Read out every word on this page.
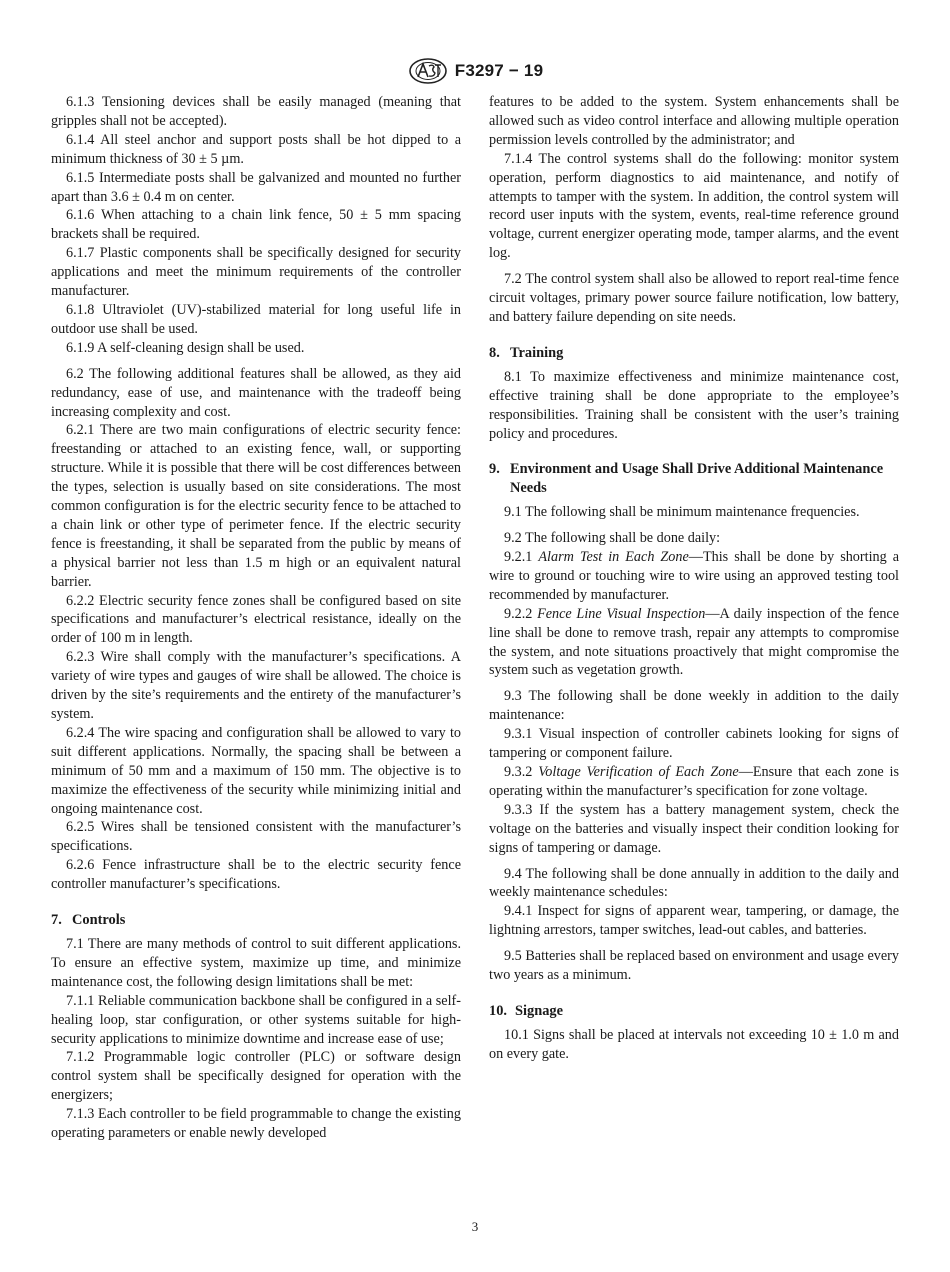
F3297 − 19

6.1.3 Tensioning devices shall be easily managed (meaning that gripples shall not be accepted).

6.1.4 All steel anchor and support posts shall be hot dipped to a minimum thickness of 30 ± 5 µm.

6.1.5 Intermediate posts shall be galvanized and mounted no further apart than 3.6 ± 0.4 m on center.

6.1.6 When attaching to a chain link fence, 50 ± 5 mm spacing brackets shall be required.

6.1.7 Plastic components shall be specifically designed for security applications and meet the minimum requirements of the controller manufacturer.

6.1.8 Ultraviolet (UV)-stabilized material for long useful life in outdoor use shall be used.

6.1.9 A self-cleaning design shall be used.

6.2 The following additional features shall be allowed, as they aid redundancy, ease of use, and maintenance with the tradeoff being increasing complexity and cost.

6.2.1 There are two main configurations of electric security fence: freestanding or attached to an existing fence, wall, or supporting structure. While it is possible that there will be cost differences between the types, selection is usually based on site considerations. The most common configuration is for the electric security fence to be attached to a chain link or other type of perimeter fence. If the electric security fence is freestanding, it shall be separated from the public by means of a physical barrier not less than 1.5 m high or an equivalent natural barrier.

6.2.2 Electric security fence zones shall be configured based on site specifications and manufacturer’s electrical resistance, ideally on the order of 100 m in length.

6.2.3 Wire shall comply with the manufacturer’s specifications. A variety of wire types and gauges of wire shall be allowed. The choice is driven by the site’s requirements and the entirety of the manufacturer’s system.

6.2.4 The wire spacing and configuration shall be allowed to vary to suit different applications. Normally, the spacing shall be between a minimum of 50 mm and a maximum of 150 mm. The objective is to maximize the effectiveness of the security while minimizing initial and ongoing maintenance cost.

6.2.5 Wires shall be tensioned consistent with the manufacturer’s specifications.

6.2.6 Fence infrastructure shall be to the electric security fence controller manufacturer’s specifications.

7. Controls

7.1 There are many methods of control to suit different applications. To ensure an effective system, maximize up time, and minimize maintenance cost, the following design limitations shall be met:

7.1.1 Reliable communication backbone shall be configured in a self-healing loop, star configuration, or other systems suitable for high-security applications to minimize downtime and increase ease of use;

7.1.2 Programmable logic controller (PLC) or software design control system shall be specifically designed for operation with the energizers;

7.1.3 Each controller to be field programmable to change the existing operating parameters or enable newly developed

features to be added to the system. System enhancements shall be allowed such as video control interface and allowing multiple operation permission levels controlled by the administrator; and

7.1.4 The control systems shall do the following: monitor system operation, perform diagnostics to aid maintenance, and notify of attempts to tamper with the system. In addition, the control system will record user inputs with the system, events, real-time reference ground voltage, current energizer operating mode, tamper alarms, and the event log.

7.2 The control system shall also be allowed to report real-time fence circuit voltages, primary power source failure notification, low battery, and battery failure depending on site needs.

8. Training

8.1 To maximize effectiveness and minimize maintenance cost, effective training shall be done appropriate to the employee’s responsibilities. Training shall be consistent with the user’s training policy and procedures.

9. Environment and Usage Shall Drive Additional Maintenance Needs

9.1 The following shall be minimum maintenance frequencies.

9.2 The following shall be done daily:

9.2.1 Alarm Test in Each Zone—This shall be done by shorting a wire to ground or touching wire to wire using an approved testing tool recommended by manufacturer.

9.2.2 Fence Line Visual Inspection—A daily inspection of the fence line shall be done to remove trash, repair any attempts to compromise the system, and note situations proactively that might compromise the system such as vegetation growth.

9.3 The following shall be done weekly in addition to the daily maintenance:

9.3.1 Visual inspection of controller cabinets looking for signs of tampering or component failure.

9.3.2 Voltage Verification of Each Zone—Ensure that each zone is operating within the manufacturer’s specification for zone voltage.

9.3.3 If the system has a battery management system, check the voltage on the batteries and visually inspect their condition looking for signs of tampering or damage.

9.4 The following shall be done annually in addition to the daily and weekly maintenance schedules:

9.4.1 Inspect for signs of apparent wear, tampering, or damage, the lightning arrestors, tamper switches, lead-out cables, and batteries.

9.5 Batteries shall be replaced based on environment and usage every two years as a minimum.

10. Signage

10.1 Signs shall be placed at intervals not exceeding 10 ± 1.0 m and on every gate.

3
